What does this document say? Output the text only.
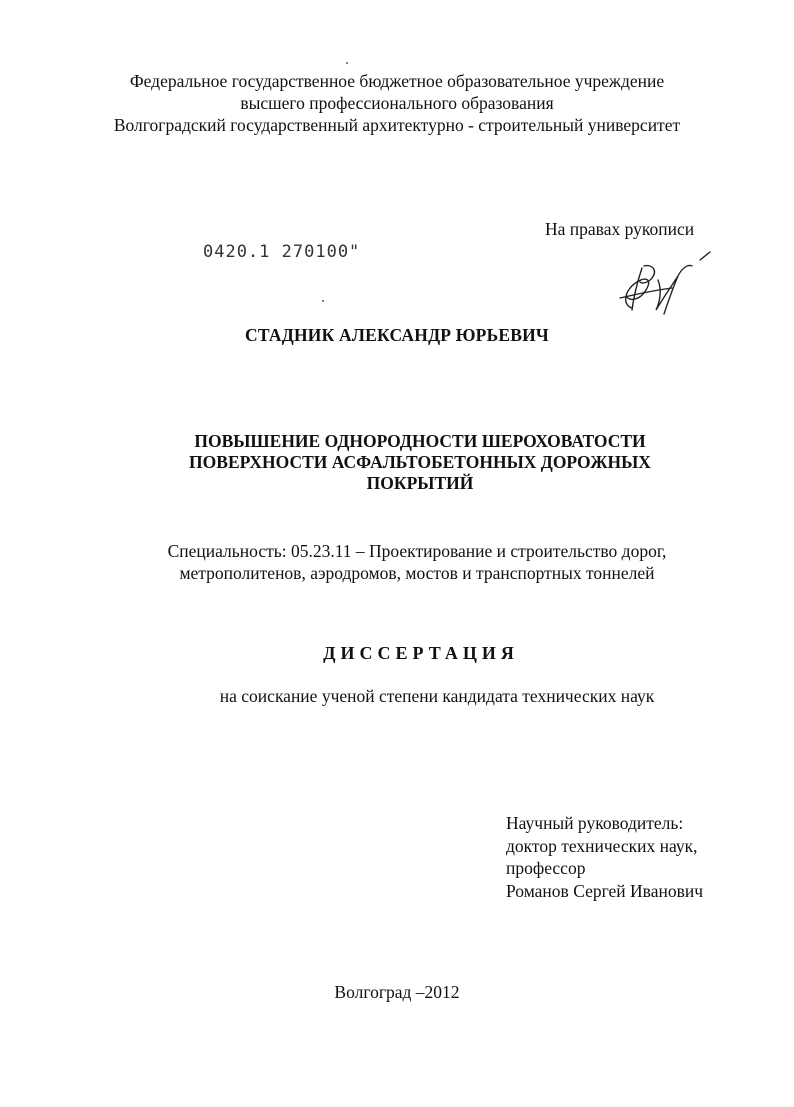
Федеральное государственное бюджетное образовательное учреждение
высшего профессионального образования
Волгоградский государственный архитектурно - строительный университет
На правах рукописи
0420.1 270100"
СТАДНИК АЛЕКСАНДР ЮРЬЕВИЧ
ПОВЫШЕНИЕ ОДНОРОДНОСТИ ШЕРОХОВАТОСТИ
ПОВЕРХНОСТИ АСФАЛЬТОБЕТОННЫХ ДОРОЖНЫХ
ПОКРЫТИЙ
Специальность: 05.23.11 – Проектирование и строительство дорог,
метрополитенов, аэродромов, мостов и транспортных тоннелей
ДИССЕРТАЦИЯ
на соискание ученой степени кандидата технических наук
Научный руководитель:
доктор технических наук,
профессор
Романов Сергей Иванович
Волгоград –2012
